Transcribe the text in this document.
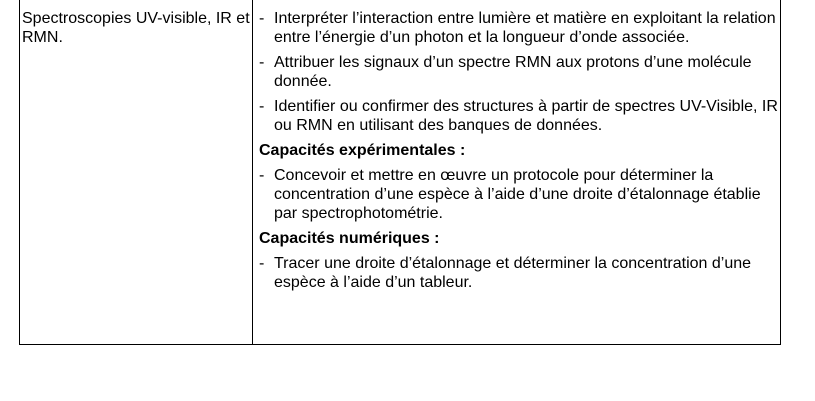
Spectroscopies UV-visible, IR et RMN.
- Interpréter l’interaction entre lumière et matière en exploitant la relation entre l’énergie d’un photon et la longueur d’onde associée.
- Attribuer les signaux d’un spectre RMN aux protons d’une molécule donnée.
- Identifier ou confirmer des structures à partir de spectres UV-Visible, IR ou RMN en utilisant des banques de données.
Capacités expérimentales :
- Concevoir et mettre en œuvre un protocole pour déterminer la concentration d’une espèce à l’aide d’une droite d’étalonnage établie par spectrophotométrie.
Capacités numériques :
- Tracer une droite d’étalonnage et déterminer la concentration d’une espèce à l’aide d’un tableur.
